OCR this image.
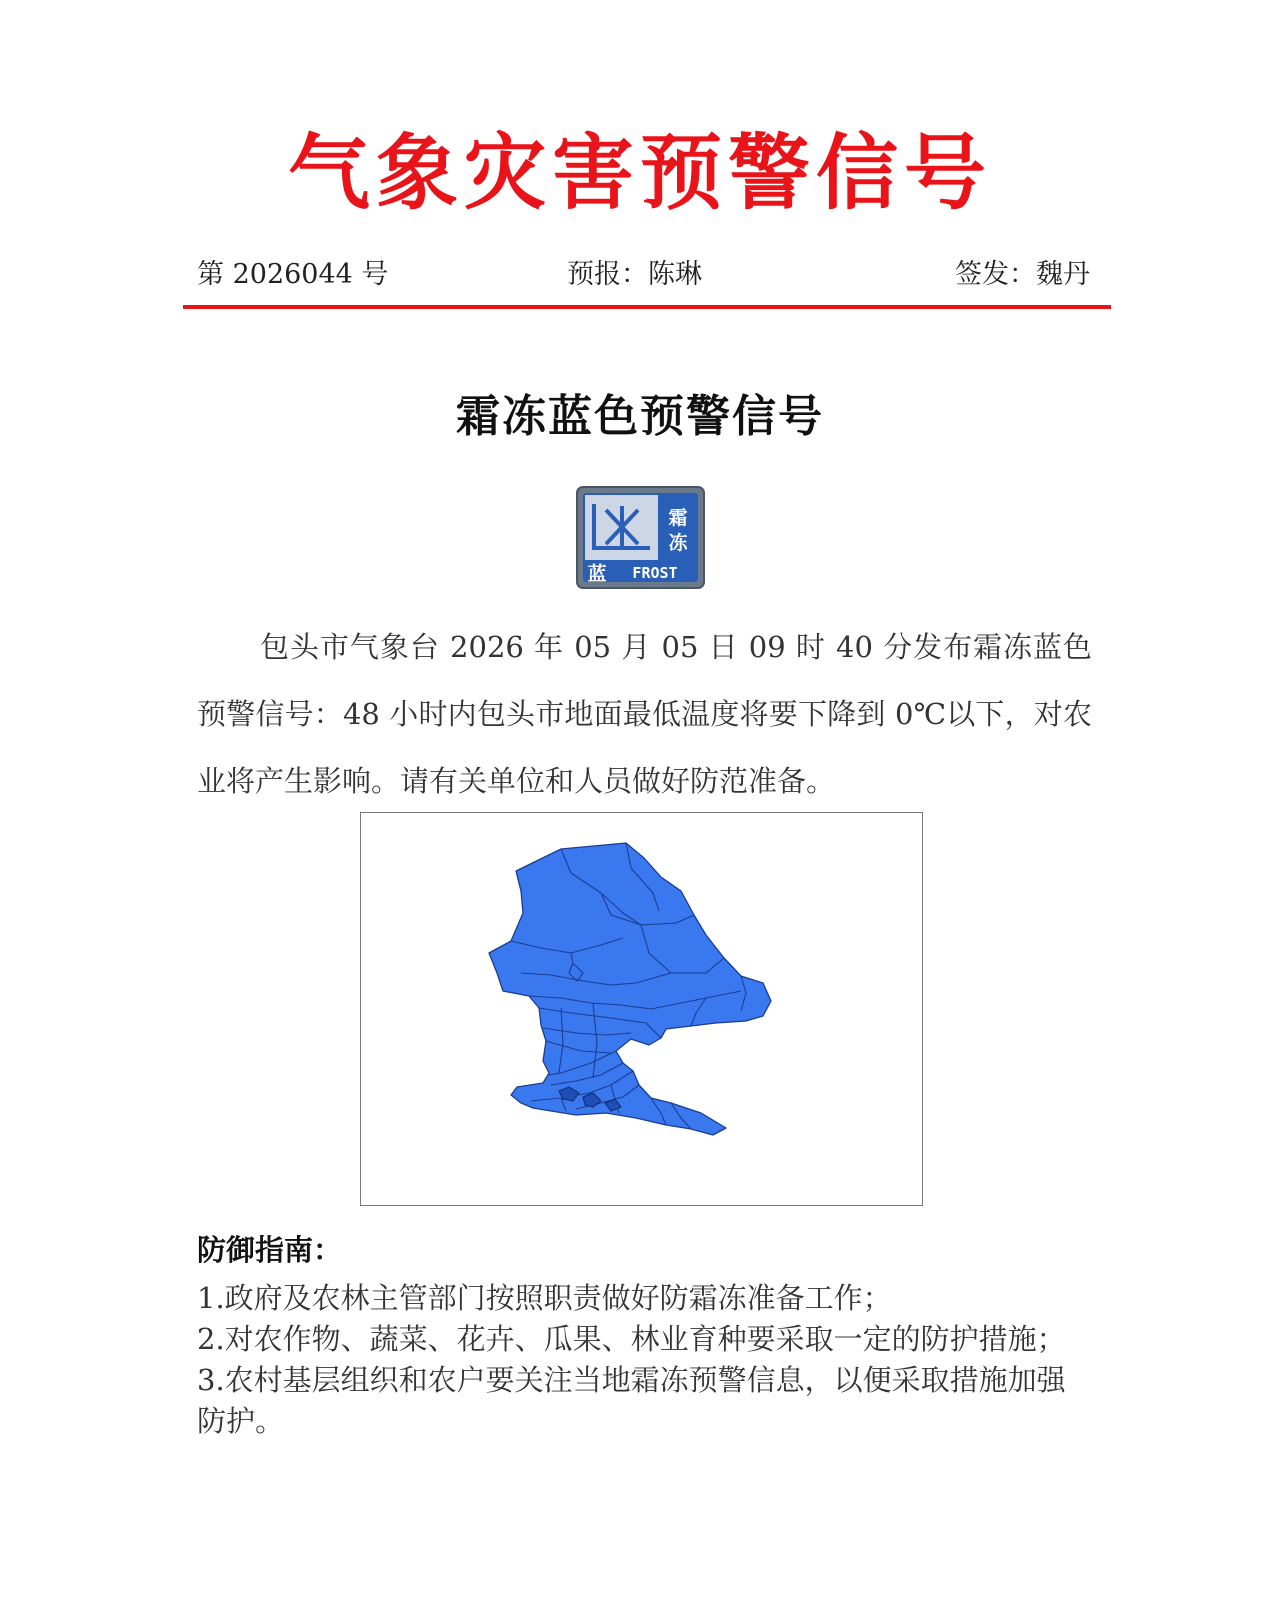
气象灾害预警信号
第 2026044 号	预报：陈琳	签发：魏丹
霜冻蓝色预警信号
霜
冻
蓝 FROST
包头市气象台 2026 年 05 月 05 日 09 时 40 分发布霜冻蓝色预警信号：48 小时内包头市地面最低温度将要下降到 0℃以下，对农业将产生影响。请有关单位和人员做好防范准备。
防御指南：
1.政府及农林主管部门按照职责做好防霜冻准备工作；
2.对农作物、蔬菜、花卉、瓜果、林业育种要采取一定的防护措施；
3.农村基层组织和农户要关注当地霜冻预警信息，以便采取措施加强防护。
